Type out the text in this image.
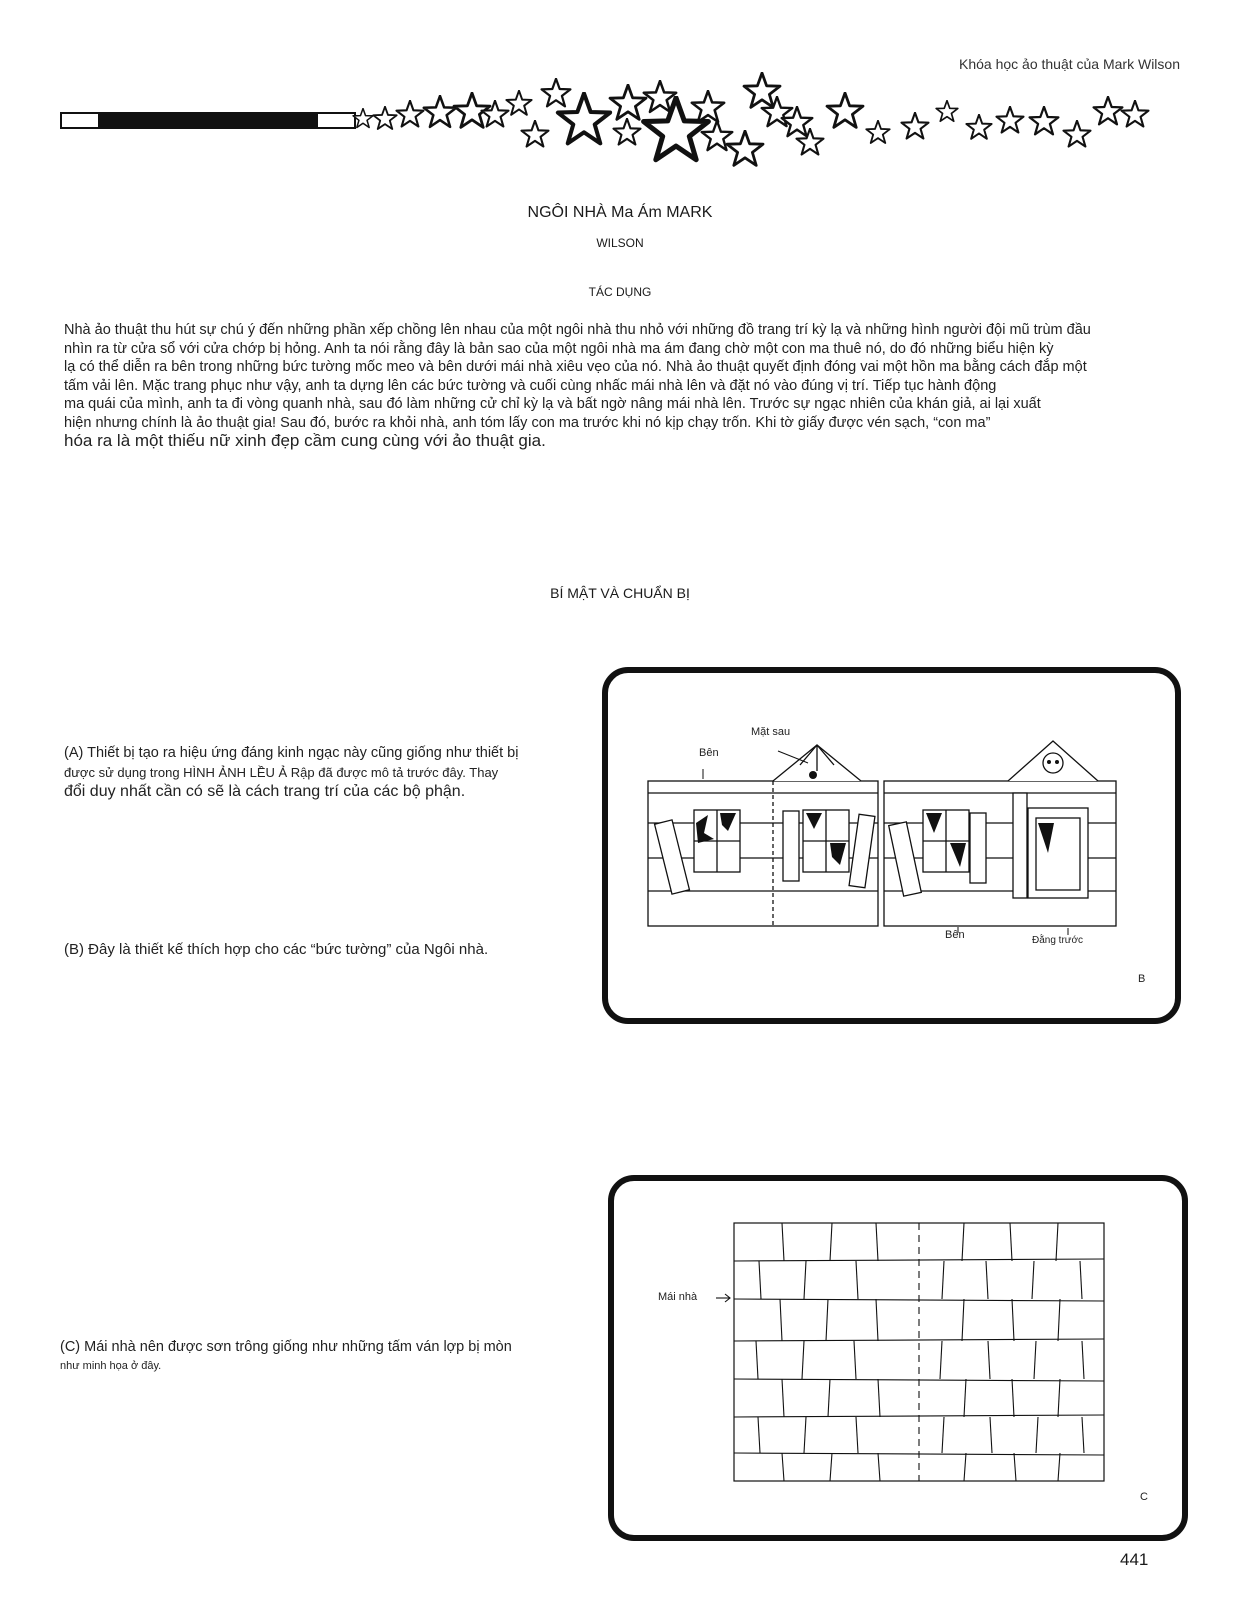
Khóa học ảo thuật của Mark Wilson
NGÔI NHÀ Ma Ám MARK
WILSON
TÁC DỤNG
Nhà ảo thuật thu hút sự chú ý đến những phần xếp chồng lên nhau của một ngôi nhà thu nhỏ với những đồ trang trí kỳ lạ và những hình người đội mũ trùm đầu
nhìn ra từ cửa sổ với cửa chớp bị hỏng. Anh ta nói rằng đây là bản sao của một ngôi nhà ma ám đang chờ một con ma thuê nó, do đó những biểu hiện kỳ
lạ có thể diễn ra bên trong những bức tường mốc meo và bên dưới mái nhà xiêu vẹo của nó. Nhà ảo thuật quyết định đóng vai một hồn ma bằng cách đắp một
tấm vải lên. Mặc trang phục như vậy, anh ta dựng lên các bức tường và cuối cùng nhấc mái nhà lên và đặt nó vào đúng vị trí. Tiếp tục hành động
ma quái của mình, anh ta đi vòng quanh nhà, sau đó làm những cử chỉ kỳ lạ và bất ngờ nâng mái nhà lên. Trước sự ngạc nhiên của khán giả, ai lại xuất
hiện nhưng chính là ảo thuật gia! Sau đó, bước ra khỏi nhà, anh tóm lấy con ma trước khi nó kịp chạy trốn. Khi tờ giấy được vén sạch, “con ma”
hóa ra là một thiếu nữ xinh đẹp cầm cung cùng với ảo thuật gia.
BÍ MẬT VÀ CHUẨN BỊ
(A) Thiết bị tạo ra hiệu ứng đáng kinh ngạc này cũng giống như thiết bị
được sử dụng trong HÌNH ẢNH LỀU Ả Rập đã được mô tả trước đây. Thay
đổi duy nhất cần có sẽ là cách trang trí của các bộ phận.
(B) Đây là thiết kế thích hợp cho các “bức tường” của Ngôi nhà.
(C) Mái nhà nên được sơn trông giống như những tấm ván lợp bị mòn
như minh họa ở đây.
Bên
Mặt sau
Bên	Đằng trước
B
Mái nhà
C
441
